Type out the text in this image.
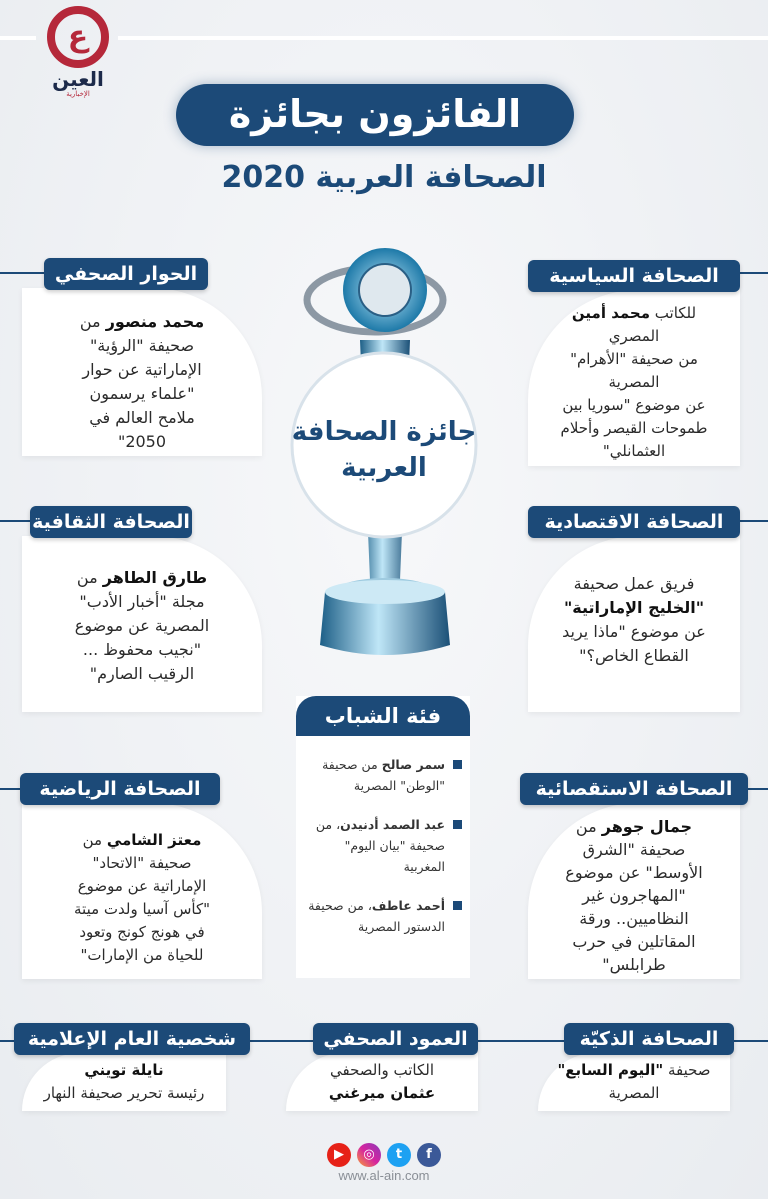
ع
العين
الإخبارية	الفائزون بجائزة
الصحافة العربية 2020
جائزة الصحافة
العربية
الصحافة السياسية
للكاتب محمد أمين
المصري
من صحيفة "الأهرام"
المصرية
عن موضوع "سوريا بين
طموحات القيصر وأحلام
العثمانلي"
الحوار الصحفي
محمد منصور من
صحيفة "الرؤية"
الإماراتية عن حوار
"علماء يرسمون
ملامح العالم في
2050"
الصحافة الاقتصادية
فريق عمل صحيفة
"الخليج الإماراتية"
عن موضوع "ماذا يريد
القطاع الخاص؟"
الصحافة الثقافية
طارق الطاهر من
مجلة "أخبار الأدب"
المصرية عن موضوع
"نجيب محفوظ ...
الرقيب الصارم"
الصحافة الاستقصائية
جمال جوهر من
صحيفة "الشرق
الأوسط" عن موضوع
"المهاجرون غير
النظاميين.. ورقة
المقاتلين في حرب
طرابلس"
الصحافة الرياضية
معتز الشامي من
صحيفة "الاتحاد"
الإماراتية عن موضوع
"كأس آسيا ولدت ميتة
في هونج كونج وتعود
للحياة من الإمارات"
فئة الشباب
سمر صالح من صحيفة "الوطن" المصرية
عبد الصمد أدنيدن، من صحيفة "بيان اليوم" المغربية
أحمد عاطف، من صحيفة الدستور المصرية
الصحافة الذكيّة
صحيفة "اليوم السابع"
المصرية
العمود الصحفي
الكاتب والصحفي
عثمان ميرغني
شخصية العام الإعلامية
نايلة تويني
رئيسة تحرير صحيفة النهار
▶	◎	t	f
www.al-ain.com
